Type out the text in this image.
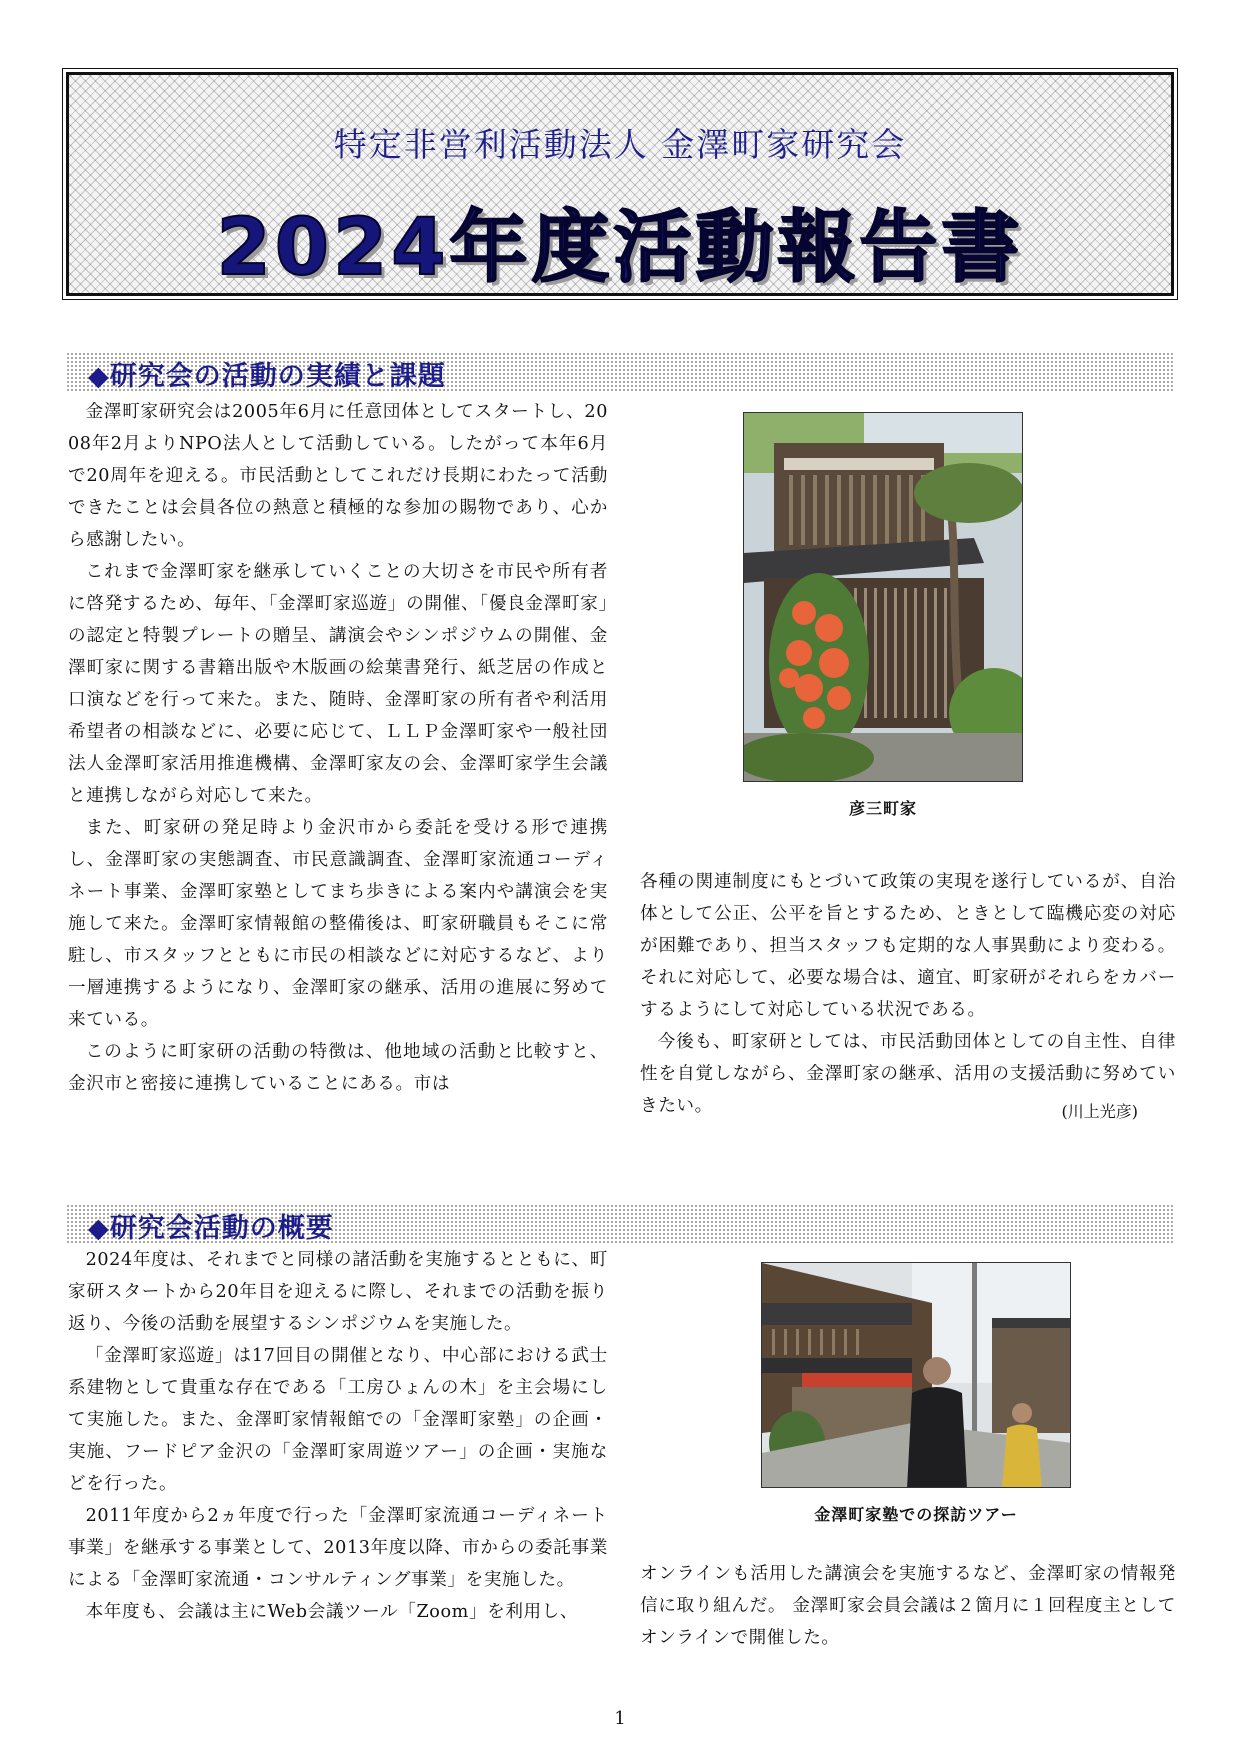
特定非営利活動法人 金澤町家研究会
2024年度活動報告書
◆研究会の活動の実績と課題

金澤町家研究会は2005年6月に任意団体としてスタートし、2008年2月よりNPO法人として活動している。したがって本年6月で20周年を迎える。市民活動としてこれだけ長期にわたって活動できたことは会員各位の熱意と積極的な参加の賜物であり、心から感謝したい。

これまで金澤町家を継承していくことの大切さを市民や所有者に啓発するため、毎年、「金澤町家巡遊」の開催、「優良金澤町家」の認定と特製プレートの贈呈、講演会やシンポジウムの開催、金澤町家に関する書籍出版や木版画の絵葉書発行、紙芝居の作成と口演などを行って来た。また、随時、金澤町家の所有者や利活用希望者の相談などに、必要に応じて、ＬＬＰ金澤町家や一般社団法人金澤町家活用推進機構、金澤町家友の会、金澤町家学生会議と連携しながら対応して来た。

また、町家研の発足時より金沢市から委託を受ける形で連携し、金澤町家の実態調査、市民意識調査、金澤町家流通コーディネート事業、金澤町家塾としてまち歩きによる案内や講演会を実施して来た。金澤町家情報館の整備後は、町家研職員もそこに常駐し、市スタッフとともに市民の相談などに対応するなど、より一層連携するようになり、金澤町家の継承、活用の進展に努めて来ている。

このように町家研の活動の特徴は、他地域の活動と比較すと、金沢市と密接に連携していることにある。市は

彦三町家

各種の関連制度にもとづいて政策の実現を遂行しているが、自治体として公正、公平を旨とするため、ときとして臨機応変の対応が困難であり、担当スタッフも定期的な人事異動により変わる。それに対応して、必要な場合は、適宜、町家研がそれらをカバーするようにして対応している状況である。

今後も、町家研としては、市民活動団体としての自主性、自律性を自覚しながら、金澤町家の継承、活用の支援活動に努めていきたい。	(川上光彦)
◆研究会活動の概要

2024年度は、それまでと同様の諸活動を実施するとともに、町家研スタートから20年目を迎えるに際し、それまでの活動を振り返り、今後の活動を展望するシンポジウムを実施した。

「金澤町家巡遊」は17回目の開催となり、中心部における武士系建物として貴重な存在である「工房ひょんの木」を主会場にして実施した。また、金澤町家情報館での「金澤町家塾」の企画・実施、フードピア金沢の「金澤町家周遊ツアー」の企画・実施などを行った。

2011年度から2ヵ年度で行った「金澤町家流通コーディネート事業」を継承する事業として、2013年度以降、市からの委託事業による「金澤町家流通・コンサルティング事業」を実施した。

本年度も、会議は主にWeb会議ツール「Zoom」を利用し、

金澤町家塾での探訪ツアー

オンラインも活用した講演会を実施するなど、金澤町家の情報発信に取り組んだ。 金澤町家会員会議は２箇月に１回程度主としてオンラインで開催した。

1
